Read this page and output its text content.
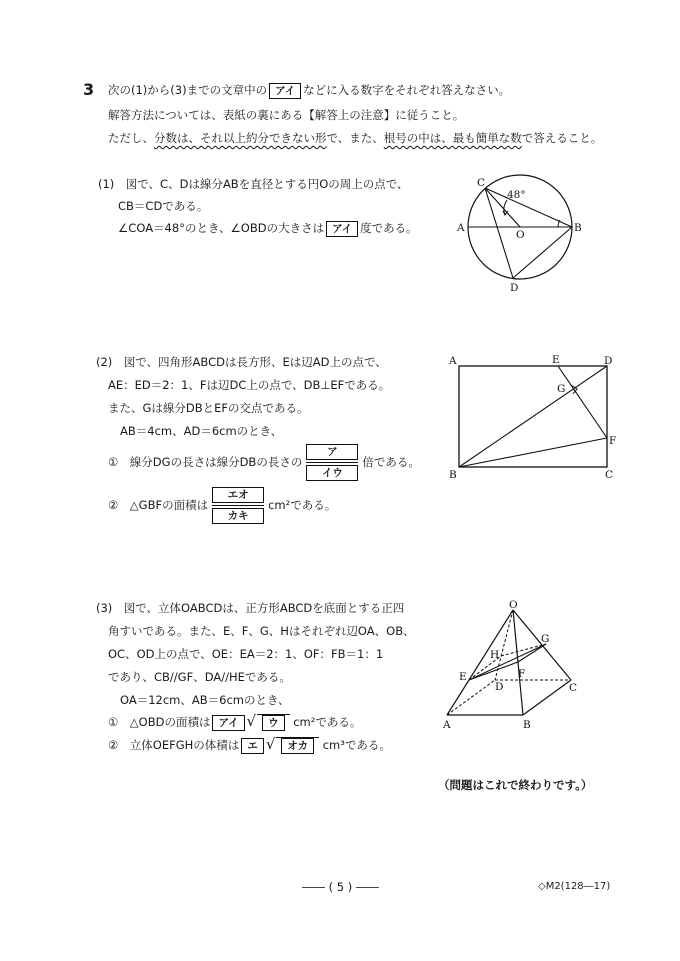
3 次の(1)から(3)までの文章中の アイ などに入る数字をそれぞれ答えなさい。
解答方法については、表紙の裏にある【解答上の注意】に従うこと。
ただし、分数は、それ以上約分できない形で、また、根号の中は、最も簡単な数で答えること。
(1)　図で、C、Dは線分ABを直径とする円Oの周上の点で、
CB＝CDである。
∠COA＝48°のとき、∠OBDの大きさは アイ 度である。
C
48°
A
O
B
D
(2)　図で、四角形ABCDは長方形、Eは辺AD上の点で、
AE：ED＝2：1、Fは辺DC上の点で、DB⊥EFである。
また、Gは線分DBとEFの交点である。
AB＝4cm、AD＝6cmのとき、
①　線分DGの長さは線分DBの長さの $\frac{\text{ア}}{\text{イウ}}$ 倍である。
②　△GBFの面積は $\frac{\text{エオ}}{\text{カキ}} cm^2$である。
A	E	D
G
F
B	C
(3)　図で、立体OABCDは、正方形ABCDを底面とする正四
角すいである。また、E、F、G、Hはそれぞれ辺OA、OB、
OC、OD上の点で、OE：EA＝2：1、OF：FB＝1：1
であり、CB//GF、DA//HEである。
OA＝12cm、AB＝6cmのとき、
①　△OBDの面積は アイ √ ウ cm²である。
②　立体OEFGHの体積は エ √ オカ cm³である。
O
G
H
E	F
D	C
A	B
（問題はこれで終わりです。）
―― ( 5 ) ――	◇M2(128―17)
